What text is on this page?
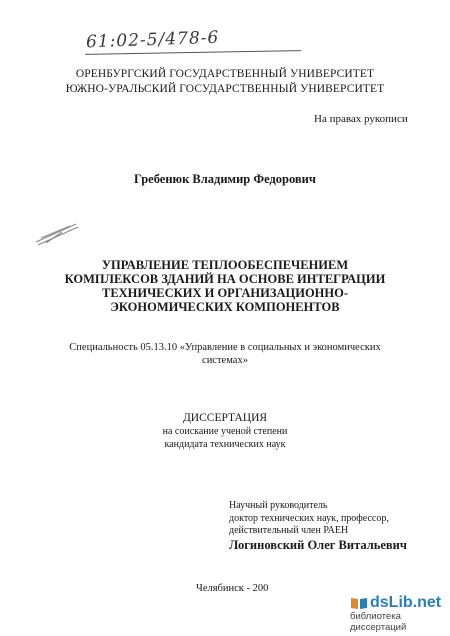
61:02-5/478-6
ОРЕНБУРГСКИЙ ГОСУДАРСТВЕННЫЙ УНИВЕРСИТЕТ
ЮЖНО-УРАЛЬСКИЙ ГОСУДАРСТВЕННЫЙ УНИВЕРСИТЕТ
На правах рукописи
Гребенюк Владимир Федорович
УПРАВЛЕНИЕ ТЕПЛООБЕСПЕЧЕНИЕМ
КОМПЛЕКСОВ ЗДАНИЙ НА ОСНОВЕ ИНТЕГРАЦИИ
ТЕХНИЧЕСКИХ И ОРГАНИЗАЦИОННО-
ЭКОНОМИЧЕСКИХ КОМПОНЕНТОВ
Специальность 05.13.10 «Управление в социальных и экономических
системах»
ДИССЕРТАЦИЯ
на соискание ученой степени
кандидата технических наук
Научный руководитель
доктор технических наук, профессор,
действительный член РАЕН
Логиновский Олег Витальевич
Челябинск - 200
dsLib.net
библиотека диссертаций
